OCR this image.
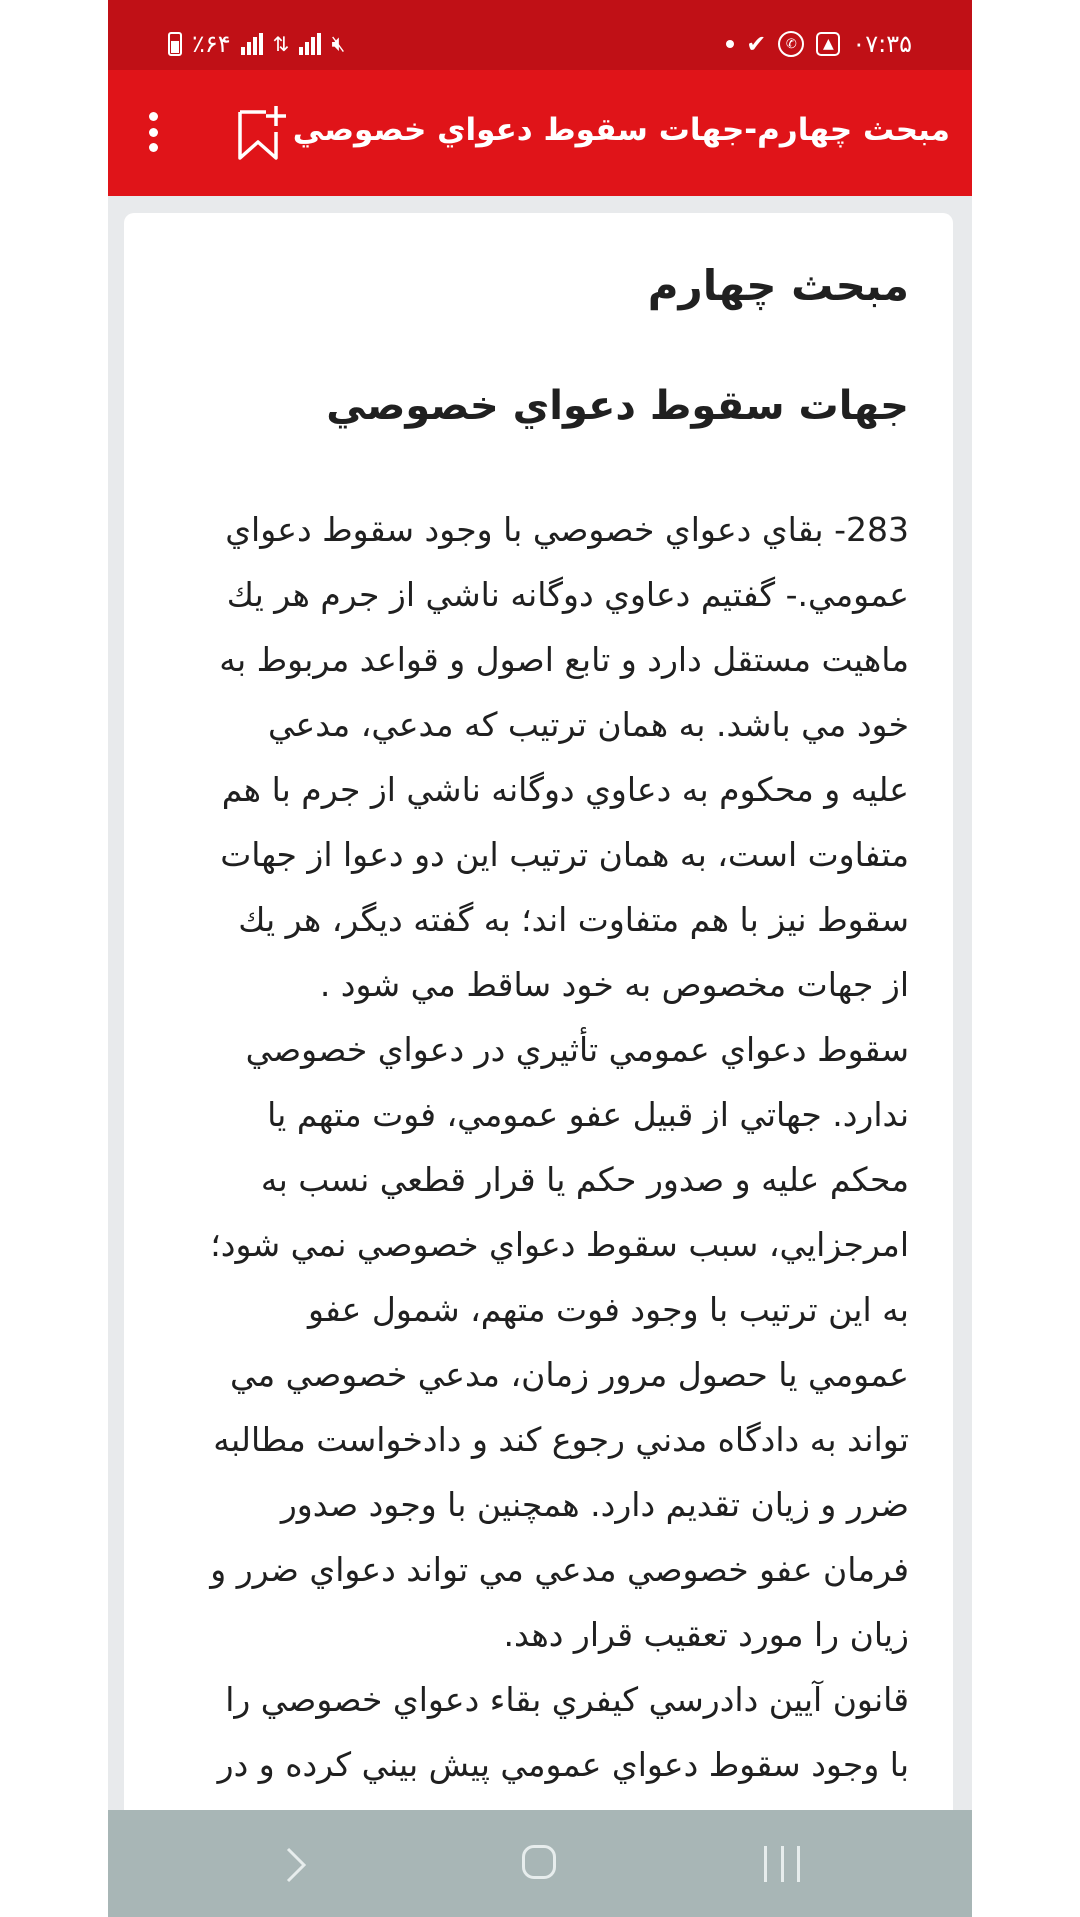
٪۶۴ ⇅ 🔇︎	✔	✆	▲ ۰۷:۳۵
مبحث چهارم-جهات سقوط دعواي خصوصي
مبحث چهارم
جهات سقوط دعواي خصوصي
283- بقاي دعواي خصوصي با وجود سقوط دعواي
عمومي.- گفتيم دعاوي دوگانه ناشي از جرم هر يك
ماهيت مستقل دارد و تابع اصول و قواعد مربوط به
خود مي باشد. به همان ترتيب كه مدعي، مدعي
عليه و محكوم به دعاوي دوگانه ناشي از جرم با هم
متفاوت است، به همان ترتيب اين دو دعوا از جهات
سقوط نيز با هم متفاوت اند؛ به گفته ديگر، هر يك
از جهات مخصوص به خود ساقط مي شود .
سقوط دعواي عمومي تأثيري در دعواي خصوصي
ندارد. جهاتي از قبيل عفو عمومي، فوت متهم يا
محكم عليه و صدور حكم يا قرار قطعي نسب به
امرجزايي، سبب سقوط دعواي خصوصي نمي شود؛
به اين ترتيب با وجود فوت متهم، شمول عفو
عمومي يا حصول مرور زمان، مدعي خصوصي مي
تواند به دادگاه مدني رجوع كند و دادخواست مطالبه
ضرر و زيان تقديم دارد. همچنين با وجود صدور
فرمان عفو خصوصي مدعي مي تواند دعواي ضرر و
زيان را مورد تعقيب قرار دهد.
قانون آيين دادرسي كيفري بقاء دعواي خصوصي را
با وجود سقوط دعواي عمومي پيش بيني كرده و در
